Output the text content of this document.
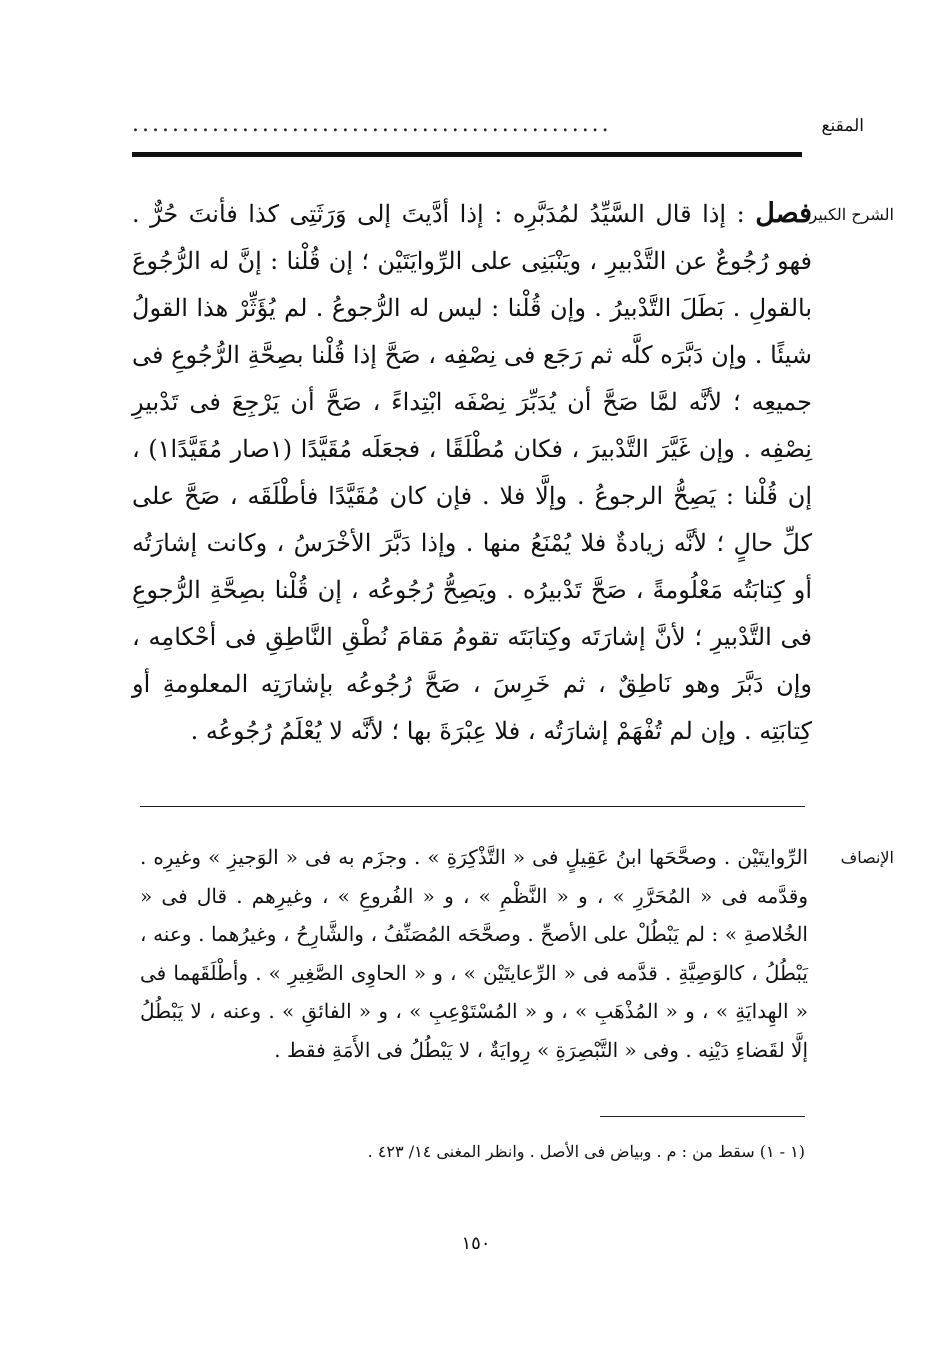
المقنع
................................................
الشرح الكبير
فصل : إذا قال السَّيِّدُ لمُدَبَّرِه : إذا أدَّيتَ إلى وَرَثَتِى كذا فأنتَ حُرٌّ . فهو رُجُوعٌ عن التَّدْبيرِ ، ويَنْبَنِى على الرِّوايَتَيْن ؛ إن قُلْنا : إنَّ له الرُّجُوعَ بالقولِ . بَطَلَ التَّدْبيرُ . وإن قُلْنا : ليس له الرُّجوعُ . لم يُؤَثِّرْ هذا القولُ شيئًا . وإن دَبَّرَه كلَّه ثم رَجَع فى نِصْفِه ، صَحَّ إذا قُلْنا بصِحَّةِ الرُّجُوعِ فى جميعِه ؛ لأنَّه لمَّا صَحَّ أن يُدَبِّرَ نِصْفَه ابْتِداءً ، صَحَّ أن يَرْجِعَ فى تَدْبيرِ نِصْفِه . وإن غَيَّرَ التَّدْبيرَ ، فكان مُطْلَقًا ، فجعَلَه مُقَيَّدًا (١صار مُقَيَّدًا١) ، إن قُلْنا : يَصِحُّ الرجوعُ . وإلَّا فلا . فإن كان مُقَيَّدًا فأطْلَقَه ، صَحَّ على كلِّ حالٍ ؛ لأنَّه زيادةٌ فلا يُمْنَعُ منها . وإذا دَبَّرَ الأخْرَسُ ، وكانت إشارَتُه أو كِتابَتُه مَعْلُومةً ، صَحَّ تَدْبيرُه . ويَصِحُّ رُجُوعُه ، إن قُلْنا بصِحَّةِ الرُّجوعِ فى التَّدْبيرِ ؛ لأنَّ إشارَتَه وكِتابَتَه تقومُ مَقامَ نُطْقِ النَّاطِقِ فى أحْكامِه ، وإن دَبَّرَ وهو نَاطِقٌ ، ثم خَرِسَ ، صَحَّ رُجُوعُه بإشارَتِه المعلومةِ أو كِتابَتِه . وإن لم تُفْهَمْ إشارَتُه ، فلا عِبْرَةَ بها ؛ لأنَّه لا يُعْلَمُ رُجُوعُه .
الإنصاف
الرِّوايتَيْن . وصحَّحَها ابنُ عَقِيلٍ فى « التَّذْكِرَةِ » . وجزَم به فى « الوَجيزِ » وغيرِه . وقدَّمه فى « المُحَرَّرِ » ، و « النَّظْمِ » ، و « الفُروعِ » ، وغيرِهم . قال فى « الخُلاصةِ » : لم يَبْطُلْ على الأصحِّ . وصحَّحَه المُصَنِّفُ ، والشَّارِحُ ، وغيرُهما . وعنه ، يَبْطُلُ ، كالوَصِيَّةِ . قدَّمه فى « الرِّعايتَيْن » ، و « الحاوِى الصَّغِيرِ » . وأطْلَقَهما فى « الهِدايَةِ » ، و « المُذْهَبِ » ، و « المُسْتَوْعِبِ » ، و « الفائقِ » . وعنه ، لا يَبْطُلُ إلَّا لقَضاءِ دَيْنِه . وفى « التَّبْصِرَةِ » رِوايَةٌ ، لا يَبْطُلُ فى الأَمَةِ فقط .
(١ - ١) سقط من : م . وبياض فى الأصل . وانظر المغنى ١٤/ ٤٢٣ .
١٥٠
